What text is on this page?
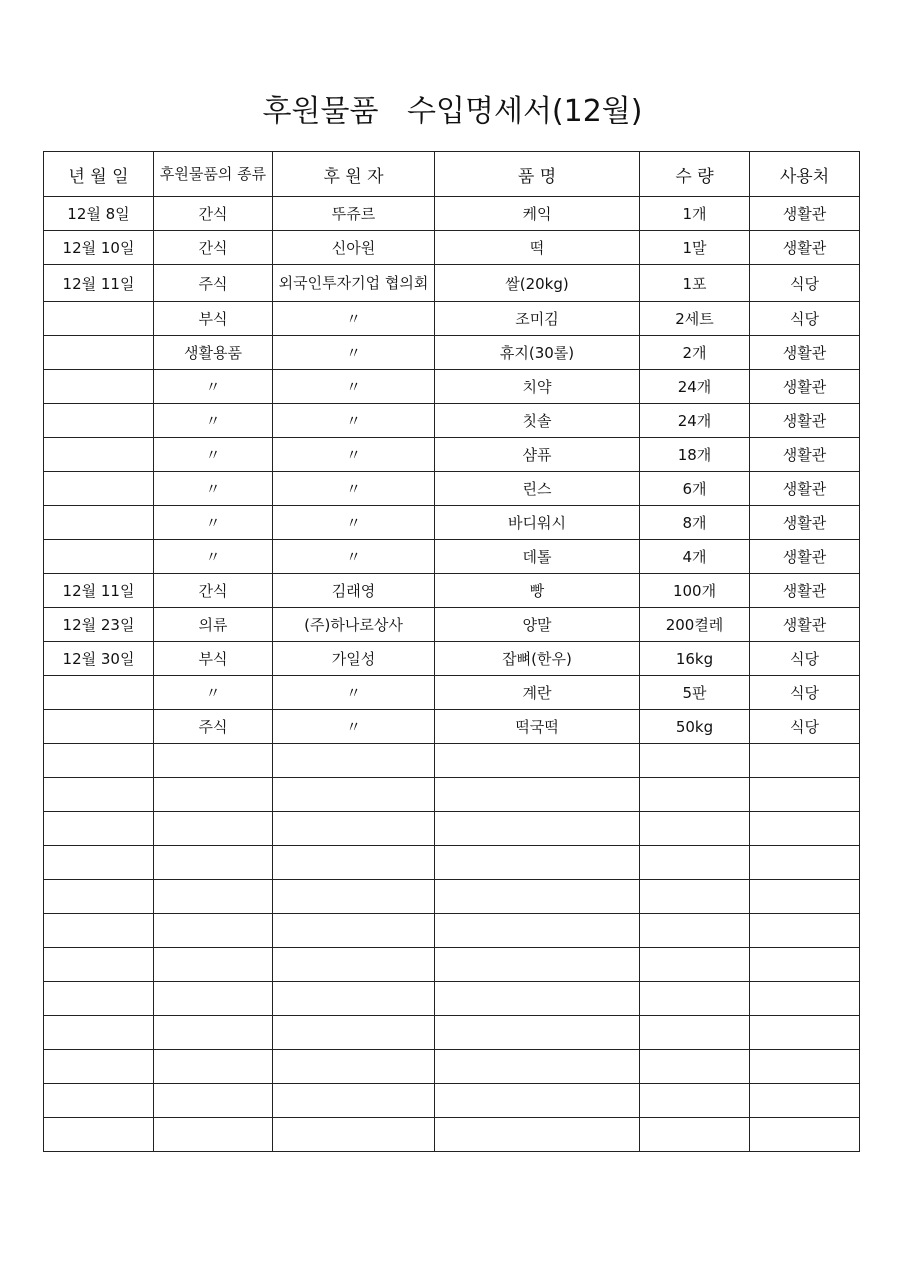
후원물품   수입명세서(12월)
년 월 일	후원물품의 종류	후 원 자	품 명	수 량	사용처
12월 8일	간식	뚜쥬르	케익	1개	생활관
12월 10일	간식	신아원	떡	1말	생활관
12월 11일	주식	외국인투자기업 협의회	쌀(20kg)	1포	식당
	부식	〃	조미김	2세트	식당
	생활용품	〃	휴지(30롤)	2개	생활관
	〃	〃	치약	24개	생활관
	〃	〃	칫솔	24개	생활관
	〃	〃	샴퓨	18개	생활관
	〃	〃	린스	6개	생활관
	〃	〃	바디워시	8개	생활관
	〃	〃	데톨	4개	생활관
12월 11일	간식	김래영	빵	100개	생활관
12월 23일	의류	(주)하나로상사	양말	200켤레	생활관
12월 30일	부식	가일성	잡뼈(한우)	16kg	식당
	〃	〃	계란	5판	식당
	주식	〃	떡국떡	50kg	식당
